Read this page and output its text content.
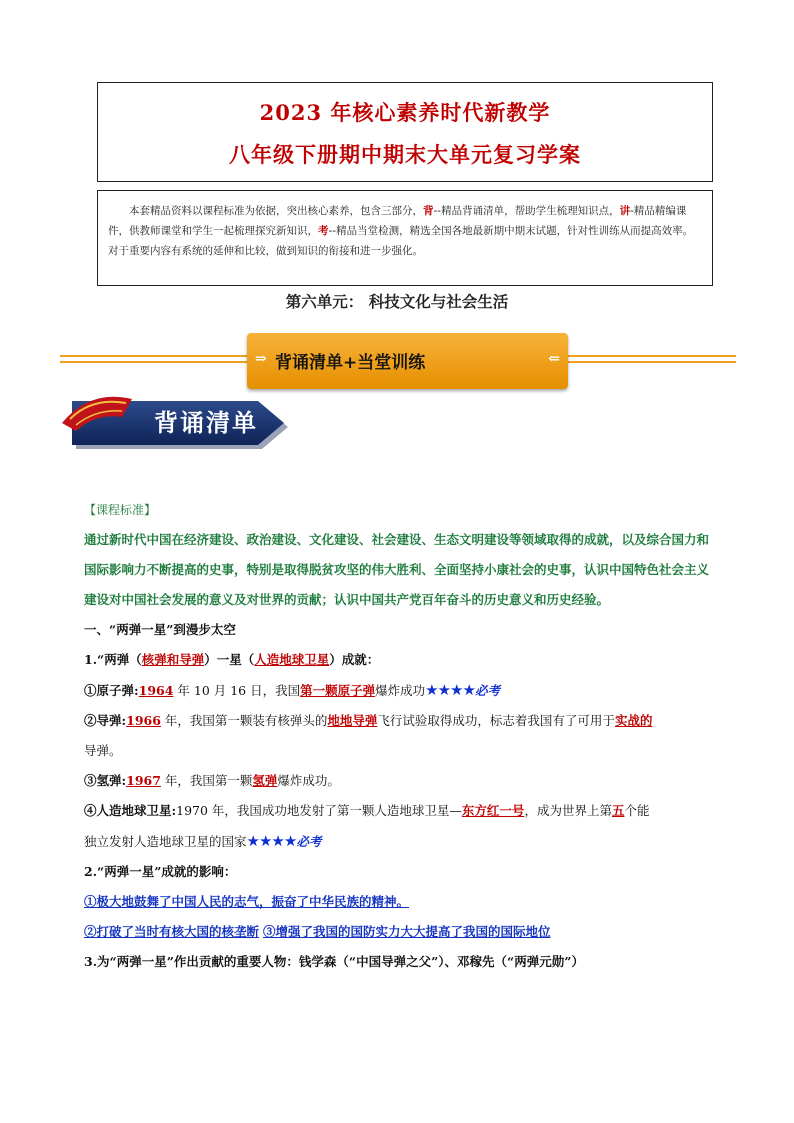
2023 年核心素养时代新教学
八年级下册期中期末大单元复习学案
本套精品资料以课程标准为依据，突出核心素养，包含三部分，背--精品背诵清单，帮助学生梳理知识点，讲-精品精编课件，供教师课堂和学生一起梳理探究新知识，考--精品当堂检测，精选全国各地最新期中期末试题，针对性训练从而提高效率。对于重要内容有系统的延伸和比较，做到知识的衔接和进一步强化。
第六单元： 科技文化与社会生活
⇒ 背诵清单+当堂训练	⇐
背诵清单

【课程标准】

通过新时代中国在经济建设、政治建设、文化建设、社会建设、生态文明建设等领域取得的成就，以及综合国力和国际影响力不断提高的史事，特别是取得脱贫攻坚的伟大胜利、全面坚持小康社会的史事，认识中国特色社会主义建设对中国社会发展的意义及对世界的贡献；认识中国共产党百年奋斗的历史意义和历史经验。

一、“两弹一星”到漫步太空

1.“两弹（核弹和导弹）一星（人造地球卫星）成就：

①原子弹:1964 年 10 月 16 日，我国第一颗原子弹爆炸成功★★★★必考

②导弹:1966 年，我国第一颗装有核弹头的地地导弹飞行试验取得成功，标志着我国有了可用于实战的
导弹。

③氢弹:1967 年，我国第一颗氢弹爆炸成功。

④人造地球卫星:1970 年，我国成功地发射了第一颗人造地球卫星—东方红一号，成为世界上第五个能
独立发射人造地球卫星的国家★★★★必考

2.“两弹一星”成就的影响：

①极大地鼓舞了中国人民的志气，振奋了中华民族的精神。

②打破了当时有核大国的核垄断 ③增强了我国的国防实力大大提高了我国的国际地位

3.为“两弹一星”作出贡献的重要人物：钱学森（“中国导弹之父”）、邓稼先（“两弹元勋”）
